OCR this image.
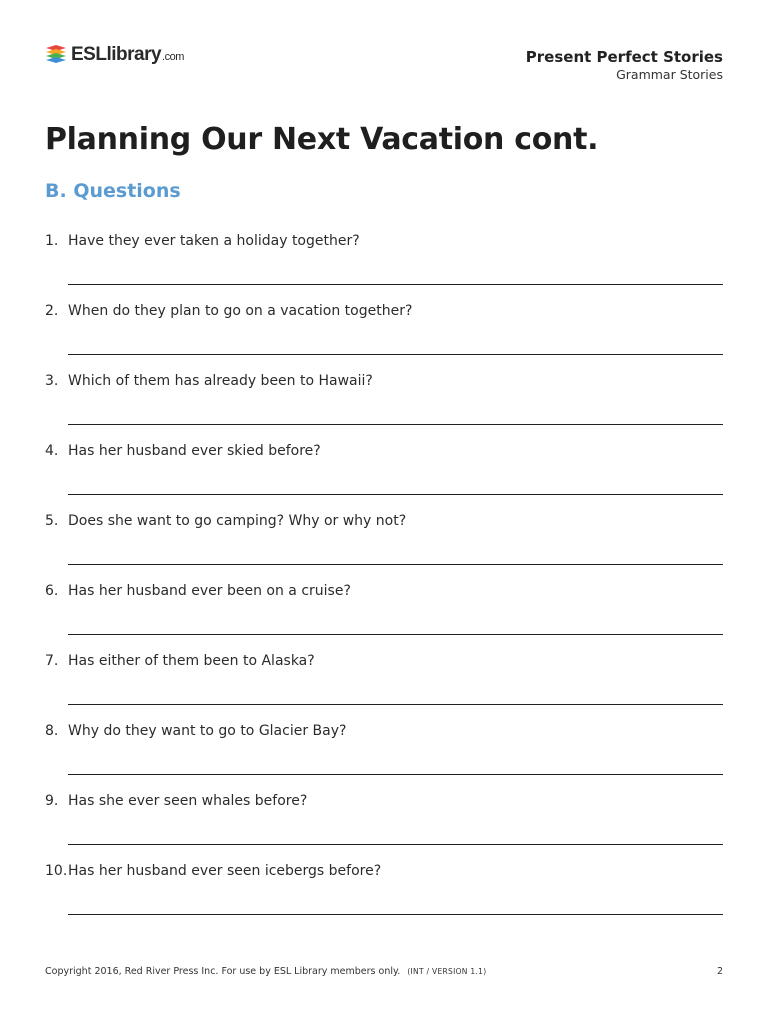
ESL library .com	Present Perfect Stories
Grammar Stories
Planning Our Next Vacation cont.
B. Questions
1. Have they ever taken a holiday together?
2. When do they plan to go on a vacation together?
3. Which of them has already been to Hawaii?
4. Has her husband ever skied before?
5. Does she want to go camping? Why or why not?
6. Has her husband ever been on a cruise?
7. Has either of them been to Alaska?
8. Why do they want to go to Glacier Bay?
9. Has she ever seen whales before?
10. Has her husband ever seen icebergs before?
Copyright 2016, Red River Press Inc. For use by ESL Library members only. (INT / VERSION 1.1)	2
